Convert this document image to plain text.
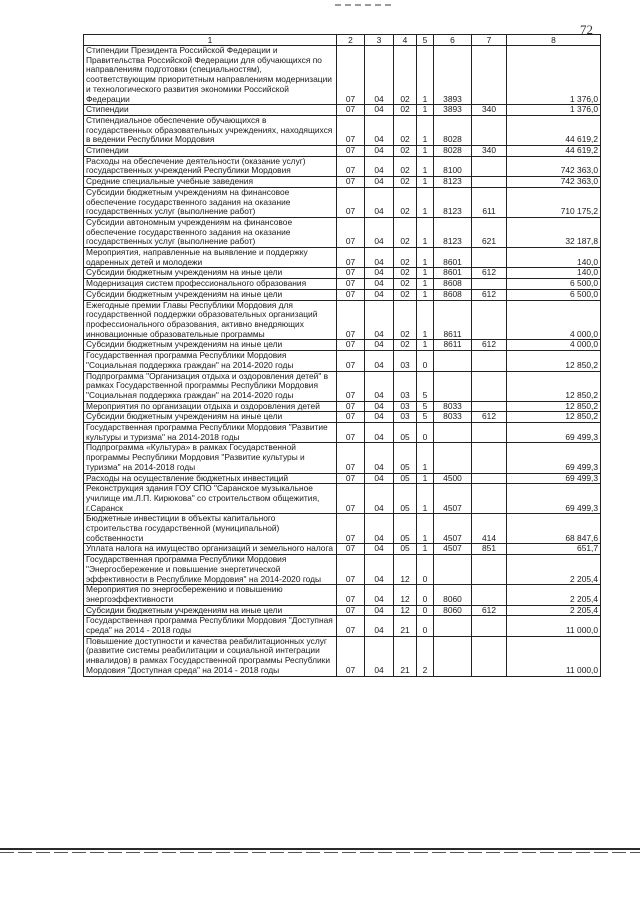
72
1	2	3	4	5	6	7	8
Стипендии Президента Российской Федерации и Правительства Российской Федерации для обучающихся по направлениям подготовки (специальностям), соответствующим приоритетным направлениям модернизации и технологического развития экономики Российской Федерации	07	04	02	1	3893		1 376,0
Стипендии	07	04	02	1	3893	340	1 376,0
Стипендиальное обеспечение обучающихся в государственных образовательных учреждениях, находящихся в ведении Республики Мордовия	07	04	02	1	8028		44 619,2
Стипендии	07	04	02	1	8028	340	44 619,2
Расходы на обеспечение деятельности (оказание услуг) государственных учреждений Республики Мордовия	07	04	02	1	8100		742 363,0
Средние специальные учебные заведения	07	04	02	1	8123		742 363,0
Субсидии бюджетным учреждениям на финансовое обеспечение государственного задания на оказание государственных услуг (выполнение работ)	07	04	02	1	8123	611	710 175,2
Субсидии автономным учреждениям на финансовое обеспечение государственного задания на оказание государственных услуг (выполнение работ)	07	04	02	1	8123	621	32 187,8
Мероприятия, направленные на выявление и поддержку одаренных детей и молодежи	07	04	02	1	8601		140,0
Субсидии бюджетным учреждениям на иные цели	07	04	02	1	8601	612	140,0
Модернизация систем профессионального образования	07	04	02	1	8608		6 500,0
Субсидии бюджетным учреждениям на иные цели	07	04	02	1	8608	612	6 500,0
Ежегодные премии Главы Республики Мордовия для государственной поддержки образовательных организаций профессионального образования, активно внедряющих инновационные образовательные программы	07	04	02	1	8611		4 000,0
Субсидии бюджетным учреждениям на иные цели	07	04	02	1	8611	612	4 000,0
Государственная программа Республики Мордовия "Социальная поддержка граждан" на 2014-2020 годы	07	04	03	0			12 850,2
Подпрограмма "Организация отдыха и оздоровления детей" в рамках Государственной программы Республики Мордовия "Социальная поддержка граждан" на 2014-2020 годы	07	04	03	5			12 850,2
Мероприятия по организации отдыха и оздоровления детей	07	04	03	5	8033		12 850,2
Субсидии бюджетным учреждениям на иные цели	07	04	03	5	8033	612	12 850,2
Государственная программа Республики Мордовия "Развитие культуры и туризма" на 2014-2018 годы	07	04	05	0			69 499,3
Подпрограмма «Культура» в рамках Государственной программы Республики Мордовия "Развитие культуры и туризма" на 2014-2018 годы	07	04	05	1			69 499,3
Расходы на осуществление бюджетных инвестиций	07	04	05	1	4500		69 499,3
Реконструкция здания ГОУ СПО "Саранское музыкальное училище им.Л.П. Кирюкова" со строительством общежития, г.Саранск	07	04	05	1	4507		69 499,3
Бюджетные инвестиции в объекты капитального строительства государственной (муниципальной) собственности	07	04	05	1	4507	414	68 847,6
Уплата налога на имущество организаций и земельного налога	07	04	05	1	4507	851	651,7
Государственная программа Республики Мордовия "Энергосбережение и повышение энергетической эффективности в Республике Мордовия" на 2014-2020 годы	07	04	12	0			2 205,4
Мероприятия по энергосбережению и повышению энергоэффективности	07	04	12	0	8060		2 205,4
Субсидии бюджетным учреждениям на иные цели	07	04	12	0	8060	612	2 205,4
Государственная программа Республики Мордовия "Доступная среда" на 2014 - 2018 годы	07	04	21	0			11 000,0
Повышение доступности и качества реабилитационных услуг (развитие системы реабилитации и социальной интеграции инвалидов) в рамках Государственной программы Республики Мордовия "Доступная среда" на 2014 - 2018 годы	07	04	21	2			11 000,0
